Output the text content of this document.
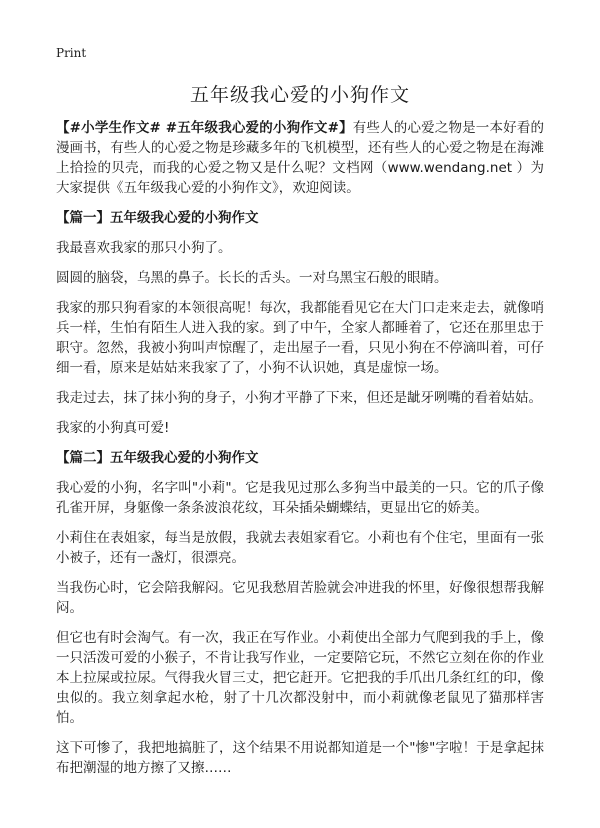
Print
五年级我心爱的小狗作文

【#小学生作文# #五年级我心爱的小狗作文#】有些人的心爱之物是一本好看的漫画书，有些人的心爱之物是珍藏多年的飞机模型，还有些人的心爱之物是在海滩上拾捡的贝壳，而我的心爱之物又是什么呢？文档网（www.wendang.net ）为大家提供《五年级我心爱的小狗作文》，欢迎阅读。

【篇一】五年级我心爱的小狗作文

我最喜欢我家的那只小狗了。

圆圆的脑袋，乌黑的鼻子。长长的舌头。一对乌黑宝石般的眼睛。

我家的那只狗看家的本领很高呢！每次，我都能看见它在大门口走来走去，就像哨兵一样，生怕有陌生人进入我的家。到了中午，全家人都睡着了，它还在那里忠于职守。忽然，我被小狗叫声惊醒了，走出屋子一看，只见小狗在不停滴叫着，可仔细一看，原来是姑姑来我家了了，小狗不认识她，真是虚惊一场。

我走过去，抹了抹小狗的身子，小狗才平静了下来，但还是龇牙咧嘴的看着姑姑。

我家的小狗真可爱!

【篇二】五年级我心爱的小狗作文

我心爱的小狗，名字叫"小莉"。它是我见过那么多狗当中最美的一只。它的爪子像孔雀开屏，身躯像一条条波浪花纹，耳朵插朵蝴蝶结，更显出它的娇美。

小莉住在表姐家，每当是放假，我就去表姐家看它。小莉也有个住宅，里面有一张小被子，还有一盏灯，很漂亮。

当我伤心时，它会陪我解闷。它见我愁眉苦脸就会冲进我的怀里，好像很想帮我解闷。

但它也有时会淘气。有一次，我正在写作业。小莉使出全部力气爬到我的手上，像一只活泼可爱的小猴子，不肯让我写作业，一定要陪它玩，不然它立刻在你的作业本上拉屎或拉尿。气得我火冒三丈，把它赶开。它把我的手爪出几条红红的印，像虫似的。我立刻拿起水枪，射了十几次都没射中，而小莉就像老鼠见了猫那样害怕。

这下可惨了，我把地搞脏了，这个结果不用说都知道是一个"惨"字啦！于是拿起抹布把潮湿的地方擦了又擦……
